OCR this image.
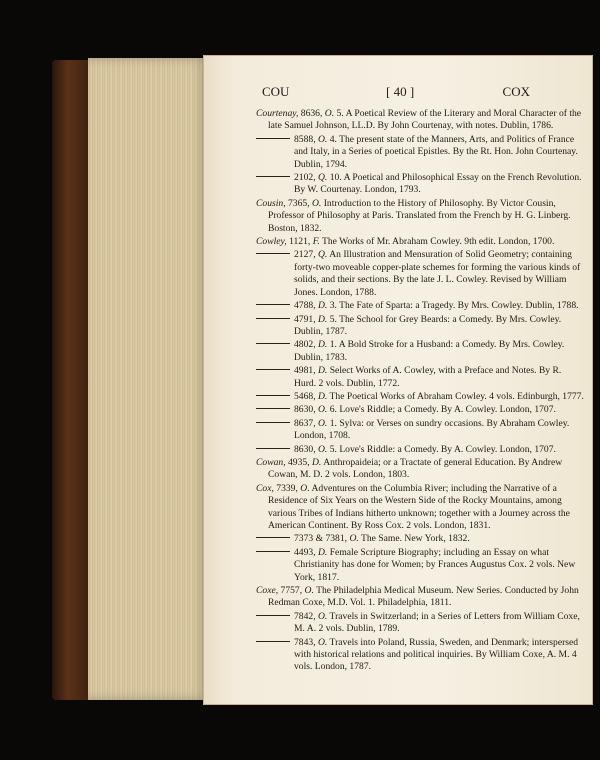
COU	[ 40 ]	COX
Courtenay, 8636, O. 5. A Poetical Review of the Literary and Moral Character of the late Samuel Johnson, LL.D. By John Courtenay, with notes. Dublin, 1786.
8588, O. 4. The present state of the Manners, Arts, and Politics of France and Italy, in a Series of poetical Epistles. By the Rt. Hon. John Courtenay. Dublin, 1794.
2102, Q. 10. A Poetical and Philosophical Essay on the French Revolution. By W. Courtenay. London, 1793.
Cousin, 7365, O. Introduction to the History of Philosophy. By Victor Cousin, Professor of Philosophy at Paris. Translated from the French by H. G. Linberg. Boston, 1832.
Cowley, 1121, F. The Works of Mr. Abraham Cowley. 9th edit. London, 1700.
2127, Q. An Illustration and Mensuration of Solid Geometry; containing forty-two moveable copper-plate schemes for forming the various kinds of solids, and their sections. By the late J. L. Cowley. Revised by William Jones. London, 1788.
4788, D. 3. The Fate of Sparta: a Tragedy. By Mrs. Cowley. Dublin, 1788.
4791, D. 5. The School for Grey Beards: a Comedy. By Mrs. Cowley. Dublin, 1787.
4802, D. 1. A Bold Stroke for a Husband: a Comedy. By Mrs. Cowley. Dublin, 1783.
4981, D. Select Works of A. Cowley, with a Preface and Notes. By R. Hurd. 2 vols. Dublin, 1772.
5468, D. The Poetical Works of Abraham Cowley. 4 vols. Edinburgh, 1777.
8630, O. 6. Love's Riddle; a Comedy. By A. Cowley. London, 1707.
8637, O. 1. Sylva: or Verses on sundry occasions. By Abraham Cowley. London, 1708.
8630, O. 5. Love's Riddle: a Comedy. By A. Cowley. London, 1707.
Cowan, 4935, D. Anthropaideia; or a Tractate of general Education. By Andrew Cowan, M. D. 2 vols. London, 1803.
Cox, 7339, O. Adventures on the Columbia River; including the Narrative of a Residence of Six Years on the Western Side of the Rocky Mountains, among various Tribes of Indians hitherto unknown; together with a Journey across the American Continent. By Ross Cox. 2 vols. London, 1831.
7373 & 7381, O. The Same. New York, 1832.
4493, D. Female Scripture Biography; including an Essay on what Christianity has done for Women; by Frances Augustus Cox. 2 vols. New York, 1817.
Coxe, 7757, O. The Philadelphia Medical Museum. New Series. Conducted by John Redman Coxe, M.D. Vol. 1. Philadelphia, 1811.
7842, O. Travels in Switzerland; in a Series of Letters from William Coxe, M. A. 2 vols. Dublin, 1789.
7843, O. Travels into Poland, Russia, Sweden, and Denmark; interspersed with historical relations and political inquiries. By William Coxe, A. M. 4 vols. London, 1787.
